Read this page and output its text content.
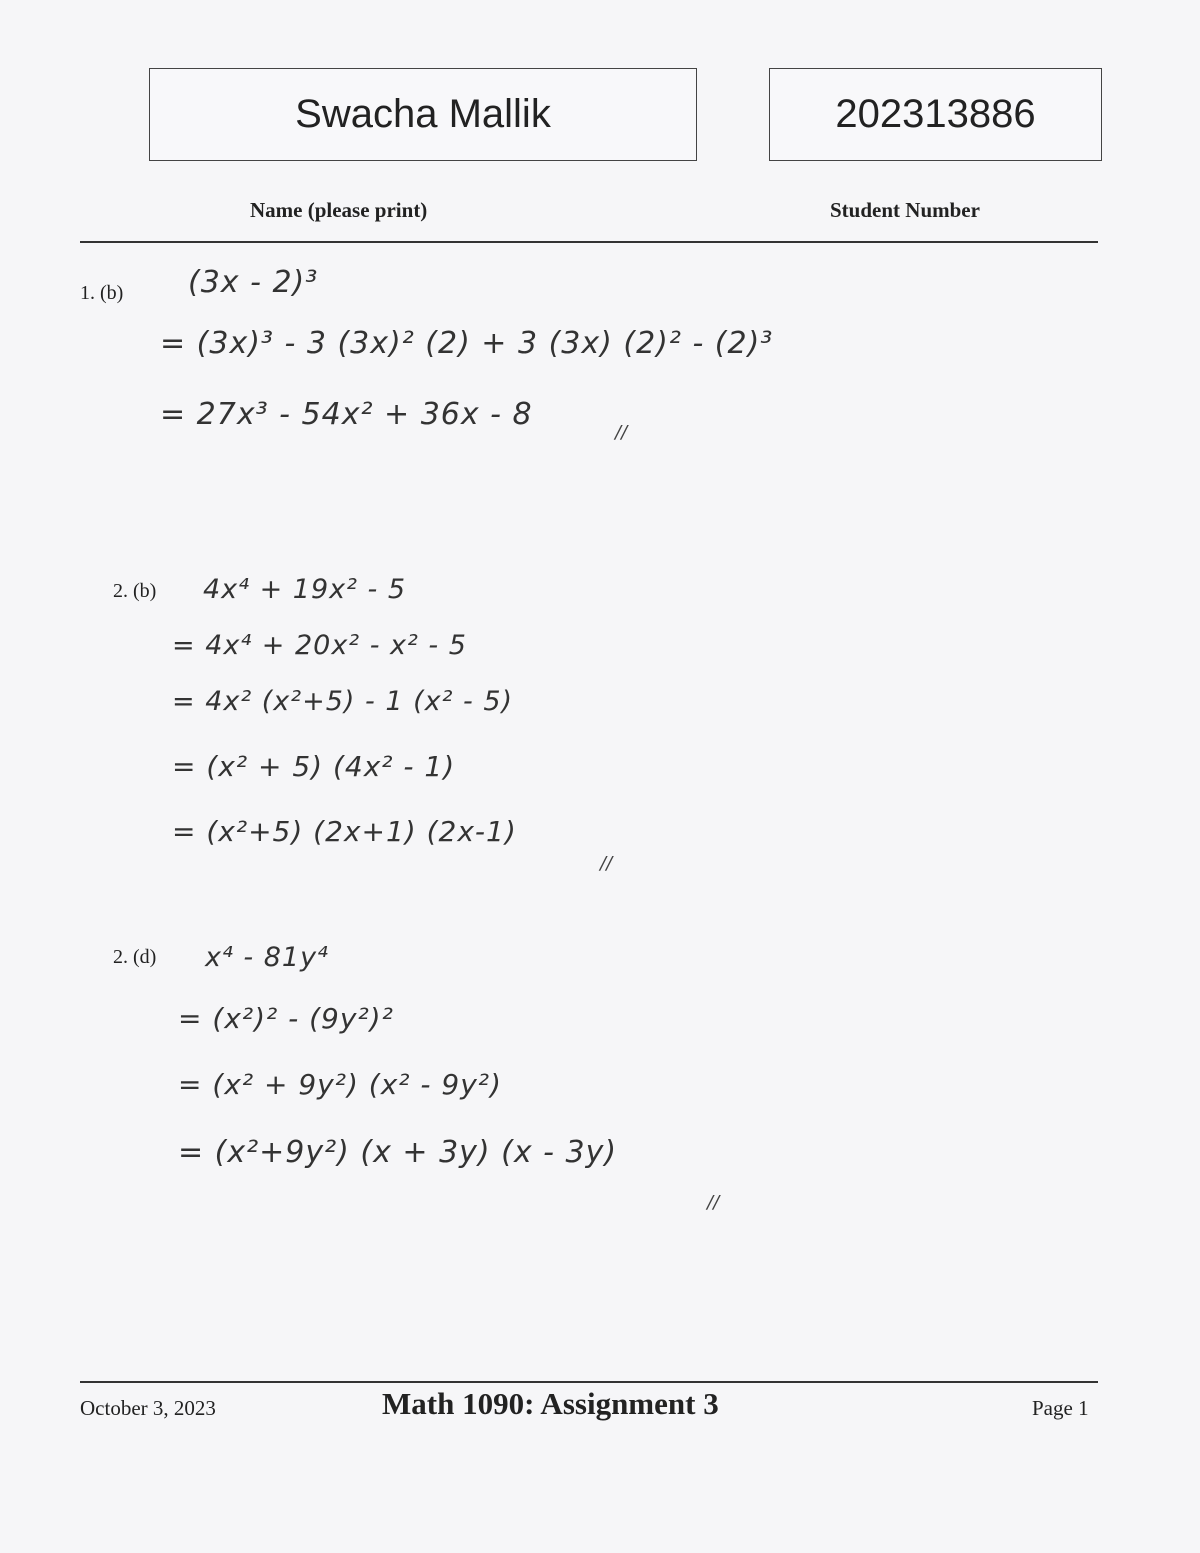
Swacha Mallik	202313886
Name (please print)	Student Number
1. (b) (3x - 2)³
= (3x)³ - 3 (3x)² (2) + 3 (3x) (2)² - (2)³
= 27x³ - 54x² + 36x - 8
//
2. (b) 4x⁴ + 19x² - 5
= 4x⁴ + 20x² - x² - 5
= 4x² (x²+5) - 1 (x² - 5)
= (x² + 5) (4x² - 1)
= (x²+5) (2x+1) (2x-1)
//
2. (d) x⁴ - 81y⁴
= (x²)² - (9y²)²
= (x² + 9y²) (x² - 9y²)
= (x²+9y²) (x + 3y) (x - 3y)
//
October 3, 2023	Math 1090: Assignment 3	Page 1
